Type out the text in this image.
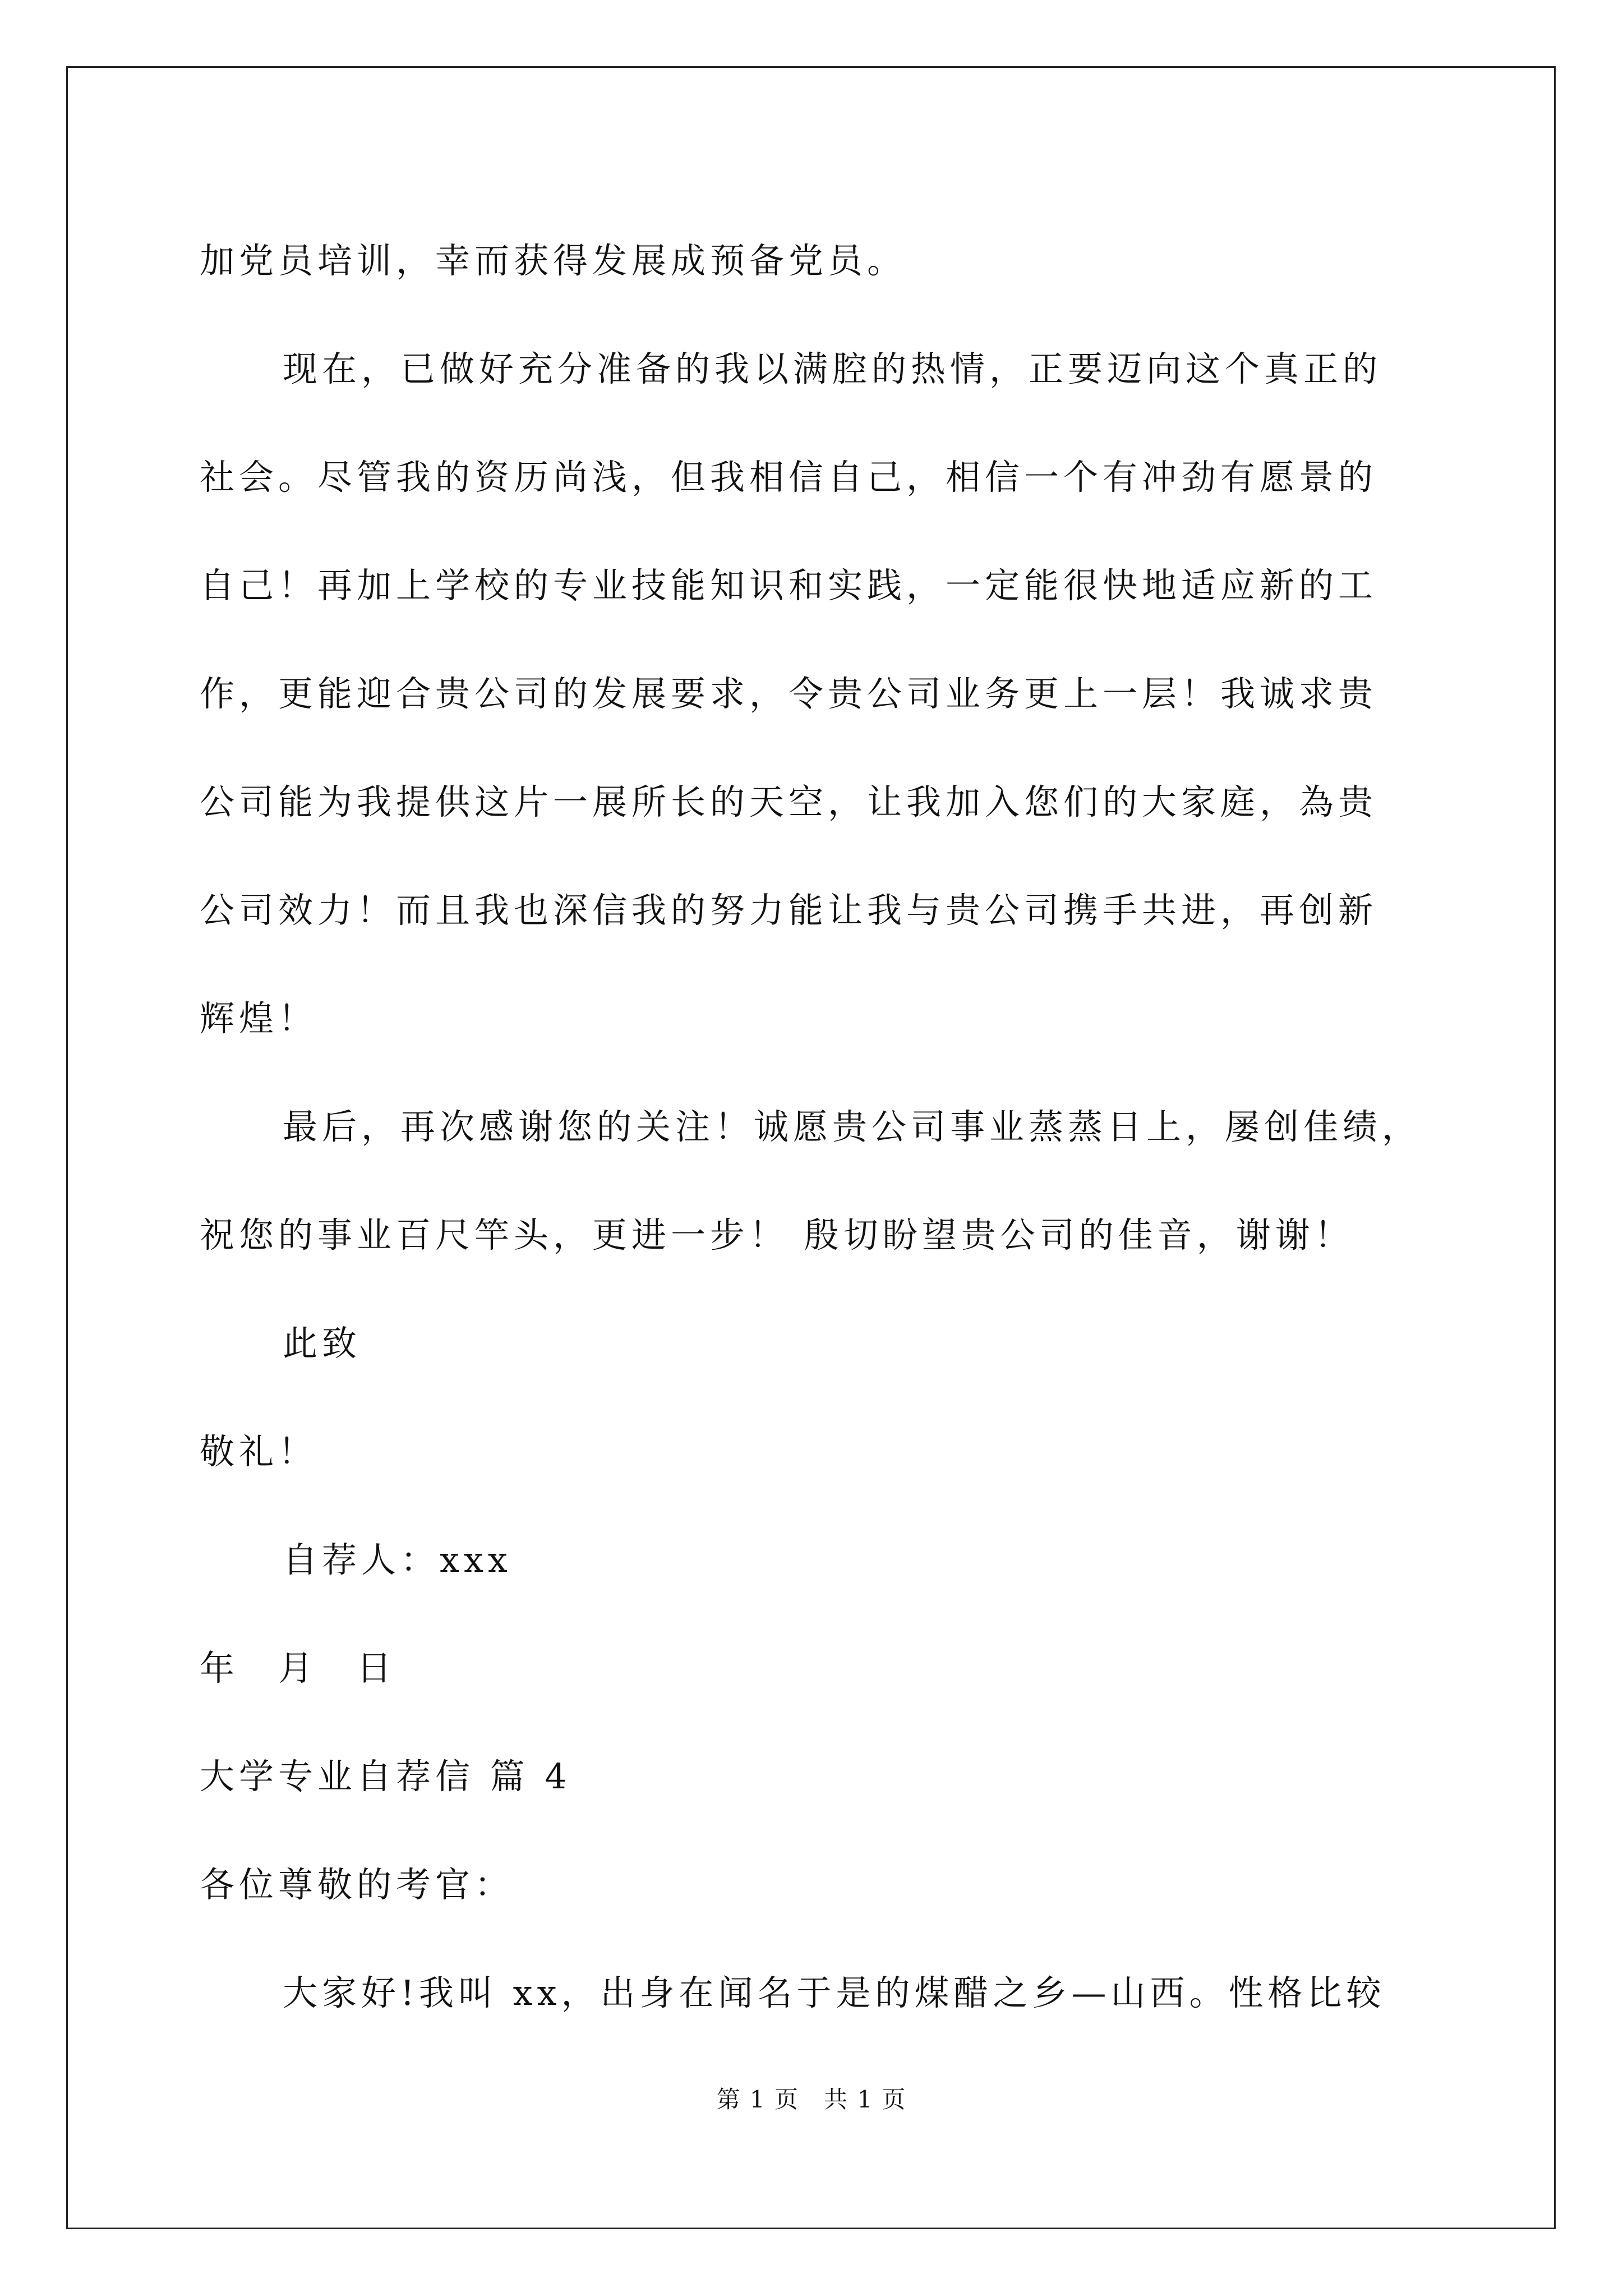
加党员培训，幸而获得发展成预备党员。
现在，已做好充分准备的我以满腔的热情，正要迈向这个真正的
社会。尽管我的资历尚浅，但我相信自己，相信一个有冲劲有愿景的
自己！再加上学校的专业技能知识和实践，一定能很快地适应新的工
作，更能迎合贵公司的发展要求，令贵公司业务更上一层！我诚求贵
公司能为我提供这片一展所长的天空，让我加入您们的大家庭，為贵
公司效力！而且我也深信我的努力能让我与贵公司携手共进，再创新
辉煌！
最后，再次感谢您的关注！诚愿贵公司事业蒸蒸日上，屡创佳绩，
祝您的事业百尺竿头，更进一步！ 殷切盼望贵公司的佳音，谢谢！
此致
敬礼！
自荐人：xxx
年　月　日
大学专业自荐信 篇 4
各位尊敬的考官：
大家好!我叫 xx，出身在闻名于是的煤醋之乡—山西。性格比较
第 1 页　共 1 页
